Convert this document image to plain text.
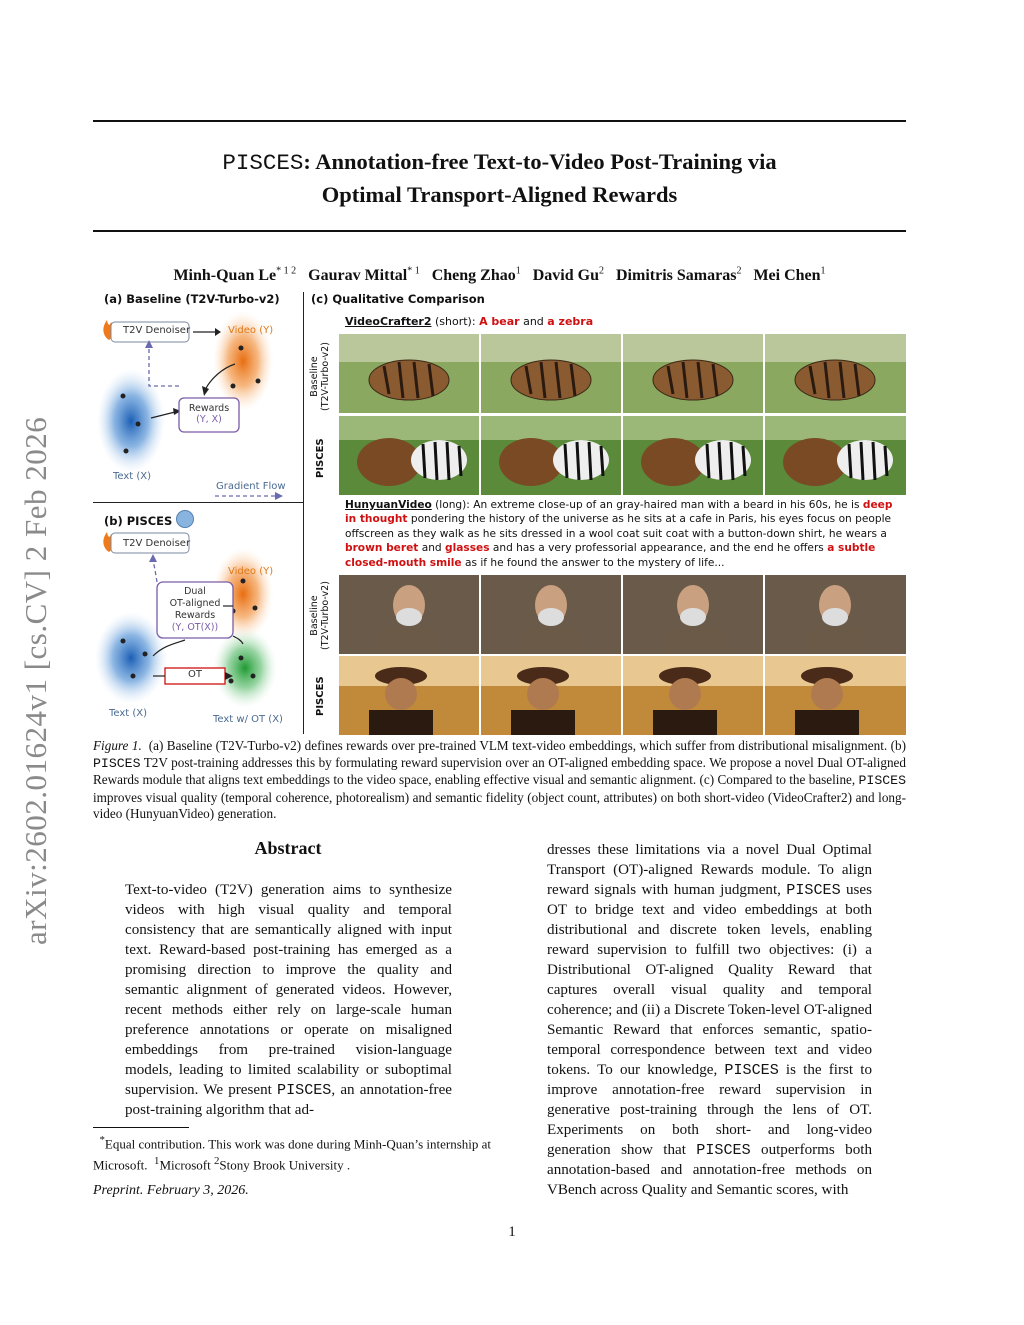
arXiv:2602.01624v1 [cs.CV] 2 Feb 2026
PISCES: Annotation-free Text-to-Video Post-Training via
Optimal Transport-Aligned Rewards
Minh-Quan $Le^{* 1 2}$ Gaurav Mittal$^{* 1}$ Cheng Zhao$^1$ David Gu$^2$ Dimitris Samaras$^2$ Mei Chen$^1$
(a) Baseline (T2V-Turbo-v2)
T2V Denoiser	Video (Y)
Rewards
(Y, X)
Text (X)
Gradient Flow
(b) PISCES
T2V Denoiser
Video (Y)
Dual
OT-aligned
Rewards
(Y, OT(X))
OT
Text (X)
Text w/ OT (X)
(c) Qualitative Comparison
VideoCrafter2 (short): A bear and a zebra
Baseline (T2V-Turbo-v2)
PISCES
Baseline (T2V-Turbo-v2)
PISCES
HunyuanVideo (long): An extreme close-up of an gray-haired man with a beard in his 60s, he is deep in thought pondering the history of the universe as he sits at a cafe in Paris, his eyes focus on people offscreen as they walk as he sits dressed in a wool coat suit coat with a button-down shirt, he wears a brown beret and glasses and has a very professorial appearance, and the end he offers a subtle closed-mouth smile as if he found the answer to the mystery of life...
Figure 1. (a) Baseline (T2V-Turbo-v2) defines rewards over pre-trained VLM text-video embeddings, which suffer from distributional misalignment. (b) PISCES T2V post-training addresses this by formulating reward supervision over an OT-aligned embedding space. We propose a novel Dual OT-aligned Rewards module that aligns text embeddings to the video space, enabling effective visual and semantic alignment. (c) Compared to the baseline, PISCES improves visual quality (temporal coherence, photorealism) and semantic fidelity (object count, attributes) on both short-video (VideoCrafter2) and long-video (HunyuanVideo) generation.
Abstract
Text-to-video (T2V) generation aims to synthesize videos with high visual quality and temporal consistency that are semantically aligned with input text. Reward-based post-training has emerged as a promising direction to improve the quality and semantic alignment of generated videos. However, recent methods either rely on large-scale human preference annotations or operate on misaligned embeddings from pre-trained vision-language models, leading to limited scalability or suboptimal supervision. We present PISCES, an annotation-free post-training algorithm that ad-
dresses these limitations via a novel Dual Optimal Transport (OT)-aligned Rewards module. To align reward signals with human judgment, PISCES uses OT to bridge text and video embeddings at both distributional and discrete token levels, enabling reward supervision to fulfill two objectives: (i) a Distributional OT-aligned Quality Reward that captures overall visual quality and temporal coherence; and (ii) a Discrete Token-level OT-aligned Semantic Reward that enforces semantic, spatio-temporal correspondence between text and video tokens. To our knowledge, PISCES is the first to improve annotation-free reward supervision in generative post-training through the lens of OT. Experiments on both short- and long-video generation show that PISCES outperforms both annotation-based and annotation-free methods on VBench across Quality and Semantic scores, with
*Equal contribution. This work was done during Minh-Quan’s internship at Microsoft. $^1$Microsoft $^2$Stony Brook University .
Preprint. February 3, 2026.
1
